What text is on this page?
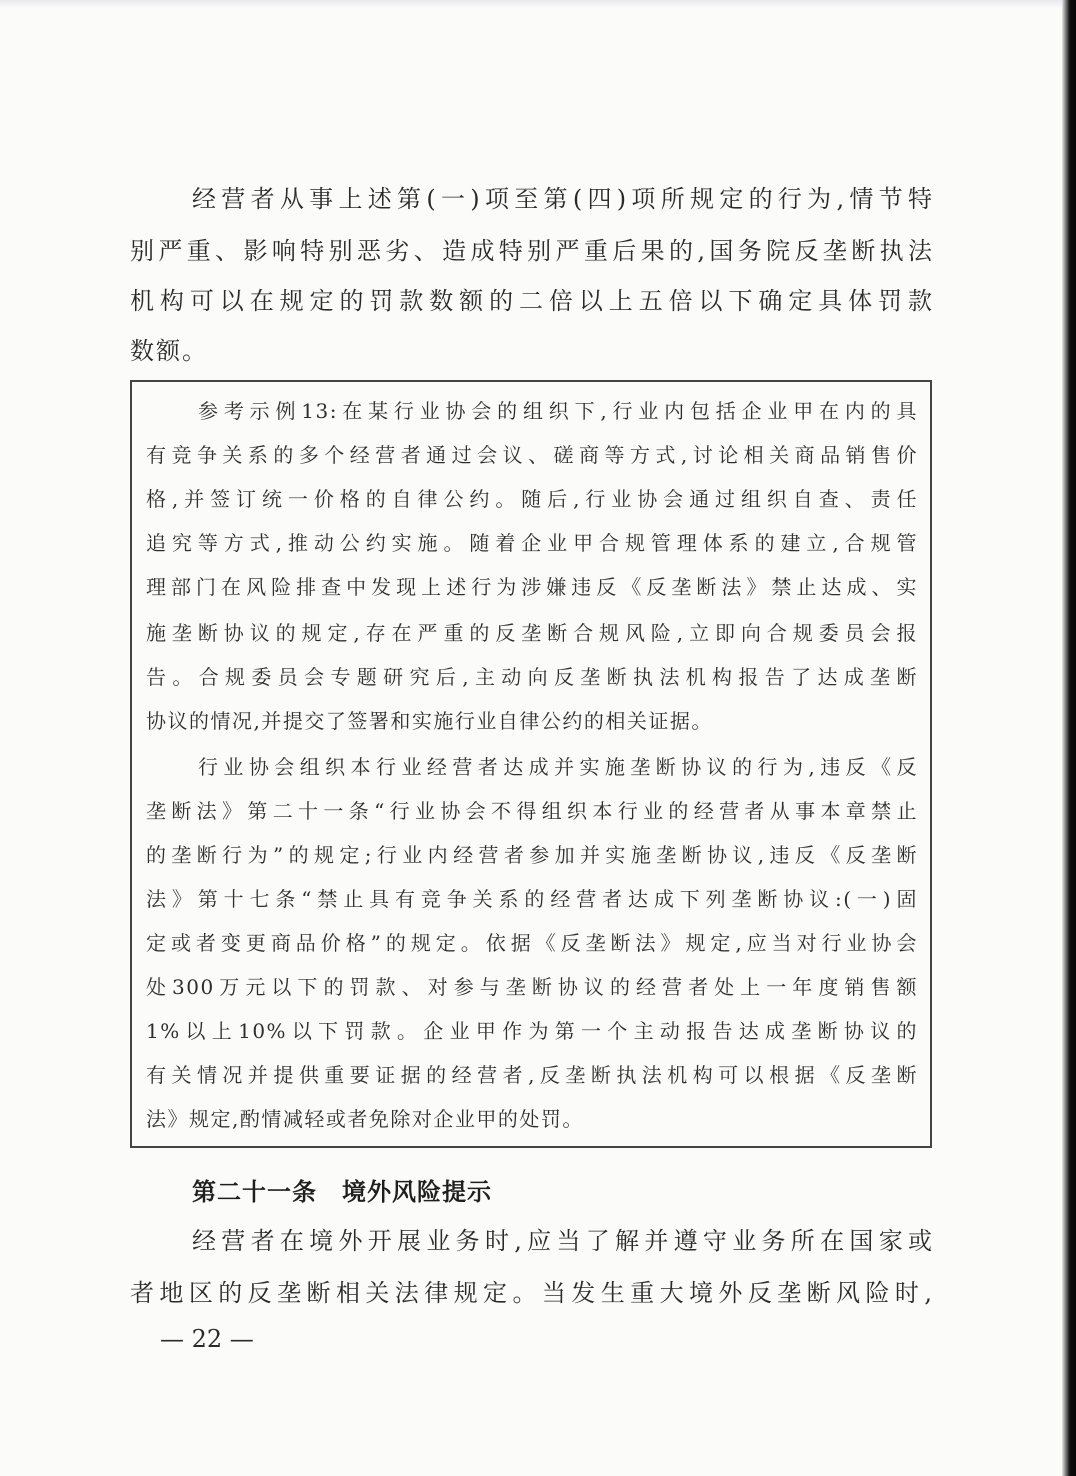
经营者从事上述第(一)项至第(四)项所规定的行为,情节特
别严重、影响特别恶劣、造成特别严重后果的,国务院反垄断执法
机构可以在规定的罚款数额的二倍以上五倍以下确定具体罚款
数额。
参考示例13:在某行业协会的组织下,行业内包括企业甲在内的具
有竞争关系的多个经营者通过会议、磋商等方式,讨论相关商品销售价
格,并签订统一价格的自律公约。随后,行业协会通过组织自查、责任
追究等方式,推动公约实施。随着企业甲合规管理体系的建立,合规管
理部门在风险排查中发现上述行为涉嫌违反《反垄断法》禁止达成、实
施垄断协议的规定,存在严重的反垄断合规风险,立即向合规委员会报
告。合规委员会专题研究后,主动向反垄断执法机构报告了达成垄断
协议的情况,并提交了签署和实施行业自律公约的相关证据。
行业协会组织本行业经营者达成并实施垄断协议的行为,违反《反
垄断法》第二十一条“行业协会不得组织本行业的经营者从事本章禁止
的垄断行为”的规定;行业内经营者参加并实施垄断协议,违反《反垄断
法》第十七条“禁止具有竞争关系的经营者达成下列垄断协议:(一)固
定或者变更商品价格”的规定。依据《反垄断法》规定,应当对行业协会
处300万元以下的罚款、对参与垄断协议的经营者处上一年度销售额
1%以上10%以下罚款。企业甲作为第一个主动报告达成垄断协议的
有关情况并提供重要证据的经营者,反垄断执法机构可以根据《反垄断
法》规定,酌情减轻或者免除对企业甲的处罚。
第二十一条　境外风险提示
经营者在境外开展业务时,应当了解并遵守业务所在国家或
者地区的反垄断相关法律规定。当发生重大境外反垄断风险时,
— 22 —
